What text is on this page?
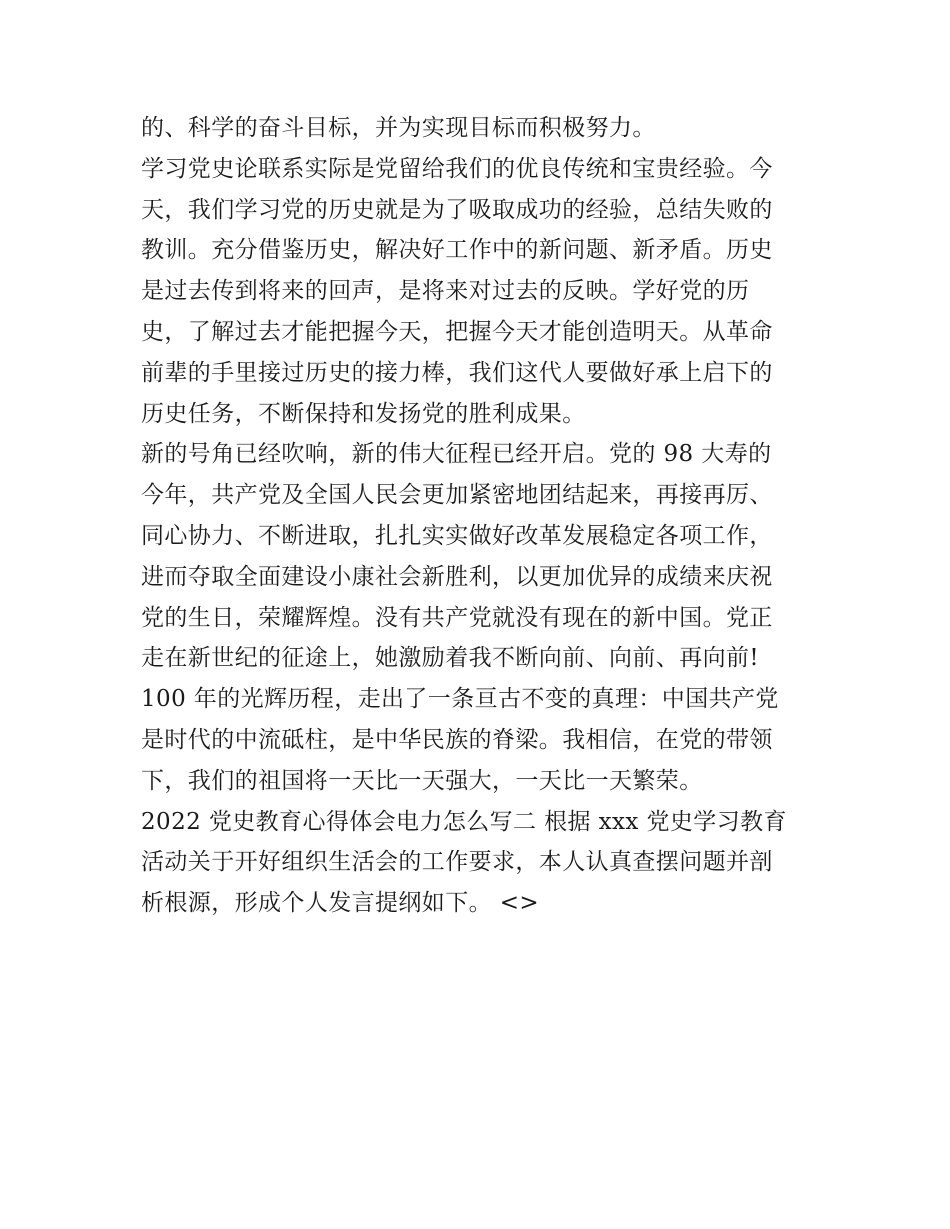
的、科学的奋斗目标，并为实现目标而积极努力。
学习党史论联系实际是党留给我们的优良传统和宝贵经验。今
天，我们学习党的历史就是为了吸取成功的经验，总结失败的
教训。充分借鉴历史，解决好工作中的新问题、新矛盾。历史
是过去传到将来的回声，是将来对过去的反映。学好党的历
史，了解过去才能把握今天，把握今天才能创造明天。从革命
前辈的手里接过历史的接力棒，我们这代人要做好承上启下的
历史任务，不断保持和发扬党的胜利成果。
新的号角已经吹响，新的伟大征程已经开启。党的 98 大寿的
今年，共产党及全国人民会更加紧密地团结起来，再接再厉、
同心协力、不断进取，扎扎实实做好改革发展稳定各项工作，
进而夺取全面建设小康社会新胜利，以更加优异的成绩来庆祝
党的生日，荣耀辉煌。没有共产党就没有现在的新中国。党正
走在新世纪的征途上，她激励着我不断向前、向前、再向前!
100 年的光辉历程，走出了一条亘古不变的真理：中国共产党
是时代的中流砥柱，是中华民族的脊梁。我相信，在党的带领
下，我们的祖国将一天比一天强大，一天比一天繁荣。
2022 党史教育心得体会电力怎么写二 根据 xxx 党史学习教育
活动关于开好组织生活会的工作要求，本人认真查摆问题并剖
析根源，形成个人发言提纲如下。 <>
